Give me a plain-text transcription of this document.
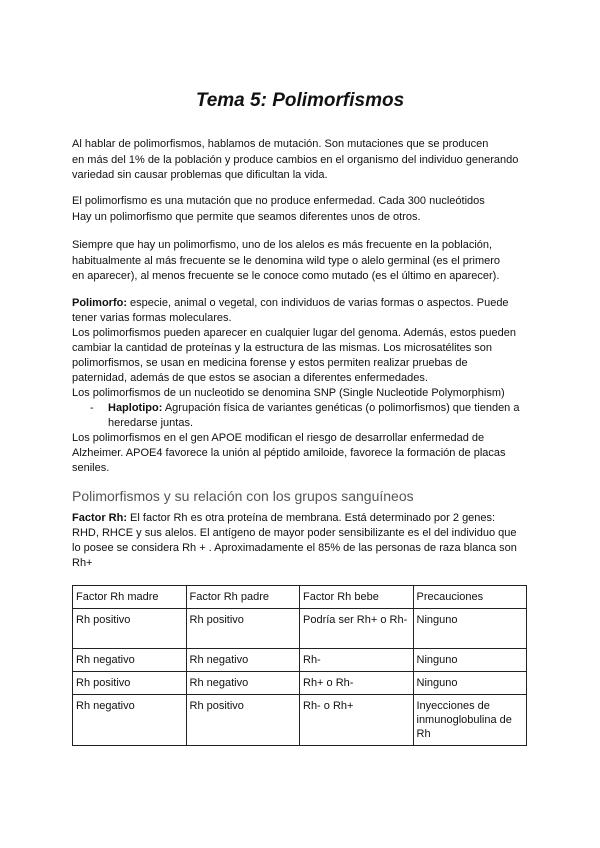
Tema 5: Polimorfismos
Al hablar de polimorfismos, hablamos de mutación. Son mutaciones que se producen
en más del 1% de la población y produce cambios en el organismo del individuo generando
variedad sin causar problemas que dificultan la vida.
El polimorfismo es una mutación que no produce enfermedad. Cada 300 nucleótidos
Hay un polimorfismo que permite que seamos diferentes unos de otros.
Siempre que hay un polimorfismo, uno de los alelos es más frecuente en la población,
habitualmente al más frecuente se le denomina wild type o alelo germinal (es el primero
en aparecer), al menos frecuente se le conoce como mutado (es el último en aparecer).
Polimorfo: especie, animal o vegetal, con individuos de varias formas o aspectos. Puede
tener varias formas moleculares.
Los polimorfismos pueden aparecer en cualquier lugar del genoma. Además, estos pueden
cambiar la cantidad de proteínas y la estructura de las mismas. Los microsatélites son
polimorfismos, se usan en medicina forense y estos permiten realizar pruebas de
paternidad, además de que estos se asocian a diferentes enfermedades.
Los polimorfismos de un nucleotido se denomina SNP (Single Nucleotide Polymorphism)
- Haplotipo: Agrupación física de variantes genéticas (o polimorfismos) que tienden a
heredarse juntas.
Los polimorfismos en el gen APOE modifican el riesgo de desarrollar enfermedad de
Alzheimer. APOE4 favorece la unión al péptido amiloide, favorece la formación de placas
seniles.
Polimorfismos y su relación con los grupos sanguíneos
Factor Rh: El factor Rh es otra proteína de membrana. Está determinado por 2 genes:
RHD, RHCE y sus alelos. El antígeno de mayor poder sensibilizante es el del individuo que
lo posee se considera Rh + . Aproximadamente el 85% de las personas de raza blanca son
Rh+
Factor Rh madre	Factor Rh padre	Factor Rh bebe	Precauciones
Rh positivo	Rh positivo	Podría ser Rh+ o Rh-	Ninguno
Rh negativo	Rh negativo	Rh-	Ninguno
Rh positivo	Rh negativo	Rh+ o Rh-	Ninguno
Rh negativo	Rh positivo	Rh- o Rh+	Inyecciones de inmunoglobulina de Rh
